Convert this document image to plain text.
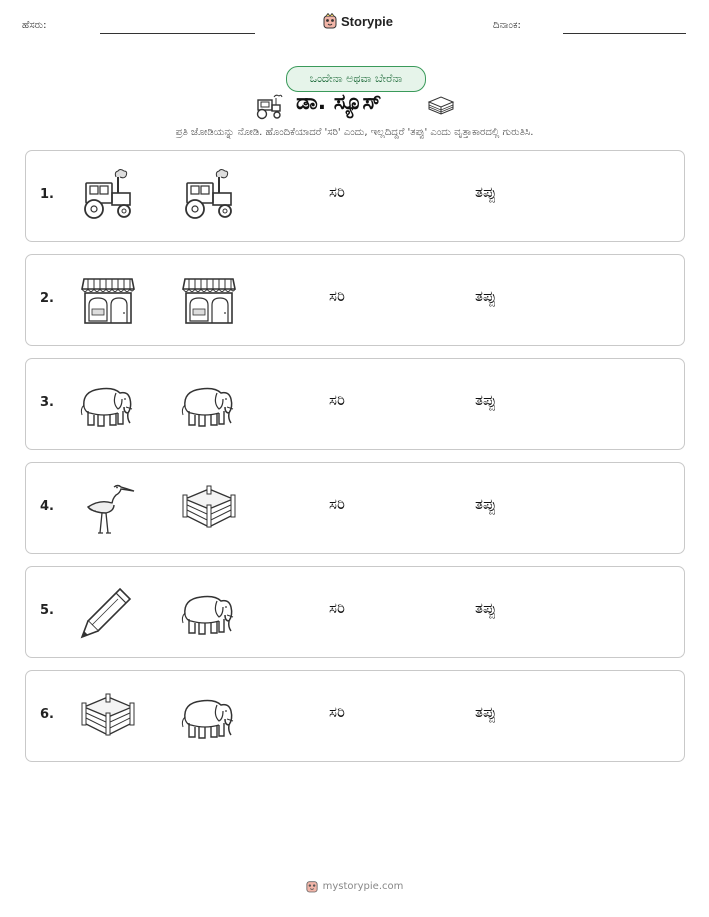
ಹೆಸರು:	Storypie	ದಿನಾಂಕ:
ಒಂದೇನಾ ಅಥವಾ ಬೇರೆನಾ
ಡಾ. ಸ್ಯೂಸ್
ಪ್ರತಿ ಜೋಡಿಯನ್ನು ನೋಡಿ. ಹೊಂದಿಕೆಯಾದರೆ 'ಸರಿ' ಎಂದು, ಇಲ್ಲದಿದ್ದರೆ 'ತಪ್ಪು' ಎಂದು ವೃತ್ತಾಕಾರದಲ್ಲಿ ಗುರುತಿಸಿ.
1.	ಸರಿ	ತಪ್ಪು
2.	ಸರಿ	ತಪ್ಪು
3.	ಸರಿ	ತಪ್ಪು
4.	ಸರಿ	ತಪ್ಪು
5.	ಸರಿ	ತಪ್ಪು
6.	ಸರಿ	ತಪ್ಪು
mystorypie.com
